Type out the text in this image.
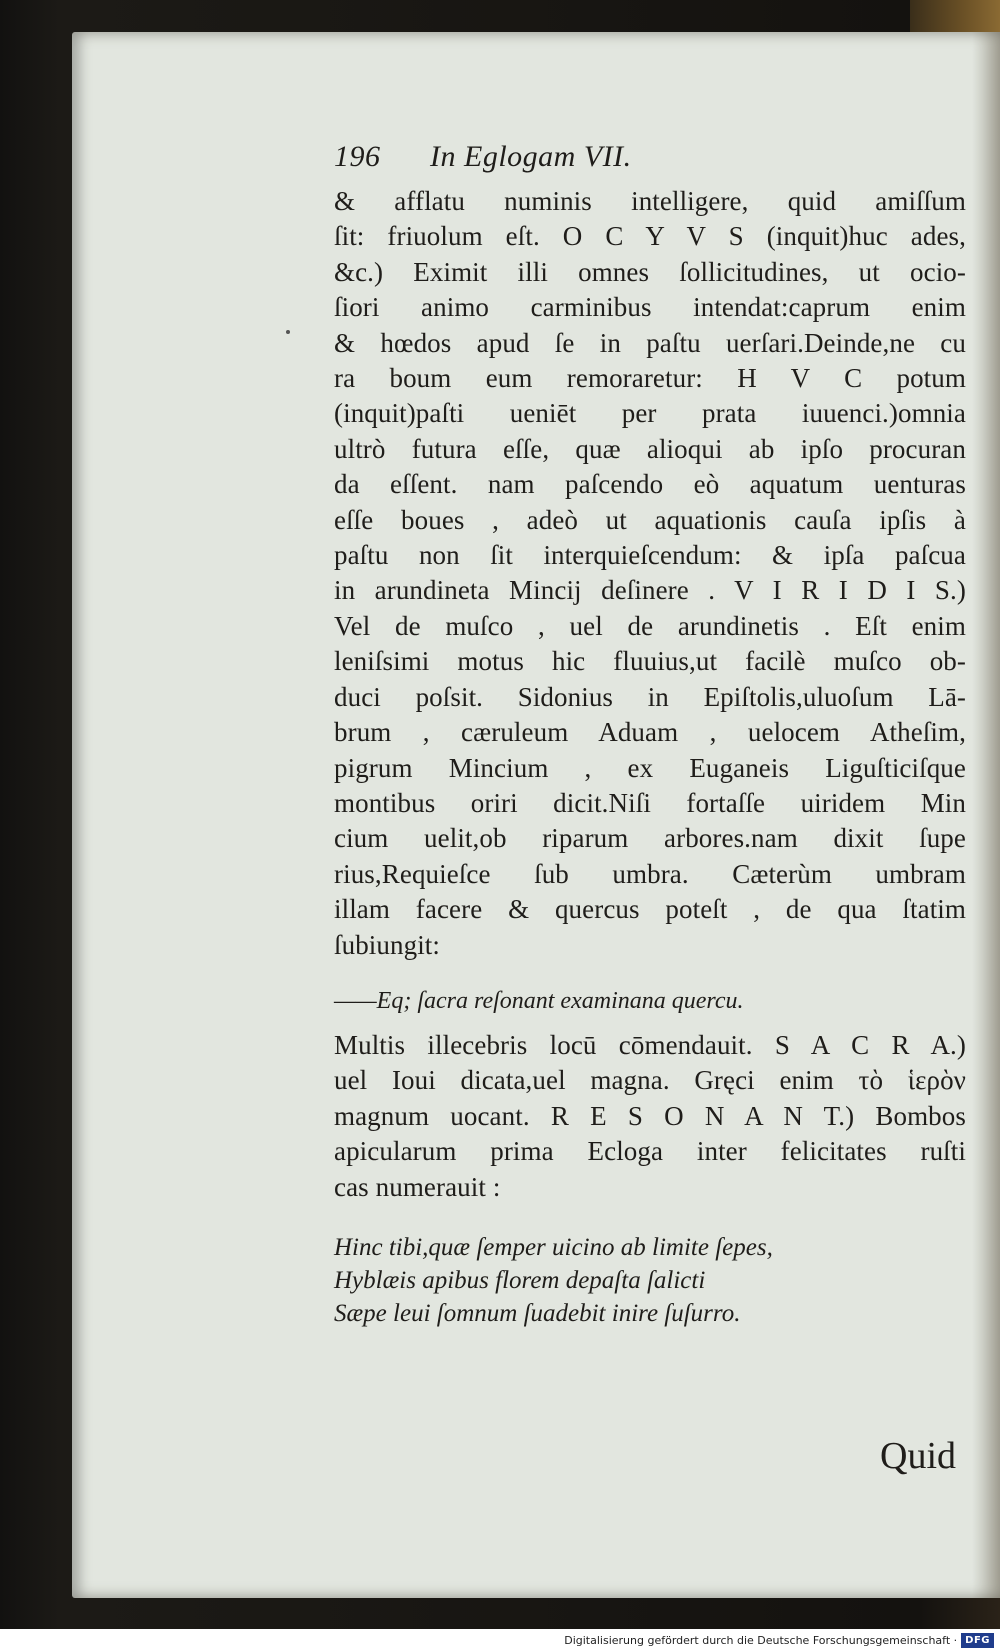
196	In Eglogam VII.
& afflatu numinis intelligere, quid amiſſum
ſit: friuolum eſt. O C Y V S (inquit)huc ades,
&c.) Eximit illi omnes ſollicitudines, ut ocio-
ſiori animo carminibus intendat:caprum enim
& hœdos apud ſe in paſtu uerſari.Deinde,ne cu
ra boum eum remoraretur: H V C potum
(inquit)paſti ueniēt per prata iuuenci.)omnia
ultrò futura eſſe, quæ alioqui ab ipſo procuran
da eſſent. nam paſcendo eò aquatum uenturas
eſſe boues , adeò ut aquationis cauſa ipſis à
paſtu non ſit interquieſcendum: & ipſa paſcua
in arundineta Mincij deſinere . V I R I D I S.)
Vel de muſco , uel de arundinetis . Eſt enim
leniſsimi motus hic fluuius,ut facilè muſco ob-
duci poſsit. Sidonius in Epiſtolis,uluoſum Lā-
brum , cæruleum Aduam , uelocem Atheſim,
pigrum Mincium , ex Euganeis Liguſticiſque
montibus oriri dicit.Niſi fortaſſe uiridem Min
cium uelit,ob riparum arbores.nam dixit ſupe
rius,Requieſce ſub umbra. Cæterùm umbram
illam facere & quercus poteſt , de qua ſtatim
ſubiungit:
——Eq; ſacra reſonant examinana quercu.
Multis illecebris locū cōmendauit. S A C R A.)
uel Ioui dicata,uel magna. Gręci enim τὸ ἱερὸν
magnum uocant. R E S O N A N T.) Bombos
apicularum prima Ecloga inter felicitates ruſti
cas numerauit :
Hinc tibi,quæ ſemper uicino ab limite ſepes,
Hyblæis apibus florem depaſta ſalicti
Sæpe leui ſomnum ſuadebit inire ſuſurro.
Quid
Digitalisierung gefördert durch die Deutsche Forschungsgemeinschaft · DFG
